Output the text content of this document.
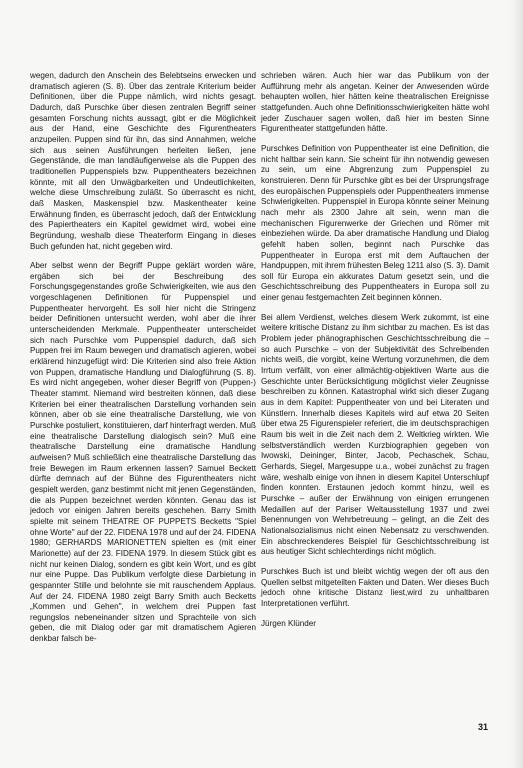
wegen, dadurch den Anschein des Belebtseins erwecken und dramatisch agieren (S. 8). Über das zentrale Kriterium beider Definitionen, über die Puppe nämlich, wird nichts gesagt. Dadurch, daß Purschke über diesen zentralen Begriff seiner gesamten Forschung nichts aussagt, gibt er die Möglichkeit aus der Hand, eine Geschichte des Figurentheaters anzupeilen. Puppen sind für ihn, das sind Annahmen, welche sich aus seinen Ausführungen herleiten ließen, jene Gegenstände, die man landläufigerweise als die Puppen des traditionellen Puppenspiels bzw. Puppentheaters bezeichnen könnte, mit all den Unwägbarkeiten und Undeutlichkeiten, welche diese Umschreibung zuläßt. So überrascht es nicht, daß Masken, Maskenspiel bzw. Maskentheater keine Erwähnung finden, es überrascht jedoch, daß der Entwicklung des Papiertheaters ein Kapitel gewidmet wird, wobei eine Begründung, weshalb diese Theaterform Eingang in dieses Buch gefunden hat, nicht gegeben wird.

Aber selbst wenn der Begriff Puppe geklärt worden wäre, ergäben sich bei der Beschreibung des Forschungsgegenstandes große Schwierigkeiten, wie aus den vorgeschlagenen Definitionen für Puppenspiel und Puppentheater hervorgeht. Es soll hier nicht die Stringenz beider Definitionen untersucht werden, wohl aber die ihrer unterscheidenden Merkmale. Puppentheater unterscheidet sich nach Purschke vom Puppenspiel dadurch, daß sich Puppen frei im Raum bewegen und dramatisch agieren, wobei erklärend hinzugefügt wird: Die Kriterien sind also freie Aktion von Puppen, dramatische Handlung und Dialogführung (S. 8). Es wird nicht angegeben, woher dieser Begriff von (Puppen-) Theater stammt. Niemand wird bestreiten können, daß diese Kriterien bei einer theatralischen Darstellung vorhanden sein können, aber ob sie eine theatralische Darstellung, wie von Purschke postuliert, konstituieren, darf hinterfragt werden. Muß eine theatralische Darstellung dialogisch sein? Muß eine theatralische Darstellung eine dramatische Handlung aufweisen? Muß schließlich eine theatralische Darstellung das freie Bewegen im Raum erkennen lassen? Samuel Beckett dürfte demnach auf der Bühne des Figurentheaters nicht gespielt werden, ganz bestimmt nicht mit jenen Gegenständen, die als Puppen bezeichnet werden könnten. Genau das ist jedoch vor einigen Jahren bereits geschehen. Barry Smith spielte mit seinem THEATRE OF PUPPETS Becketts "Spiel ohne Worte" auf der 22. FIDENA 1978 und auf der 24. FIDENA 1980; GERHARDS MARIONETTEN spielten es (mit einer Marionette) auf der 23. FIDENA 1979. In diesem Stück gibt es nicht nur keinen Dialog, sondern es gibt kein Wort, und es gibt nur eine Puppe. Das Publikum verfolgte diese Darbietung in gespannter Stille und belohnte sie mit rauschendem Applaus. Auf der 24. FIDENA 1980 zeigt Barry Smith auch Becketts „Kommen und Gehen", in welchem drei Puppen fast regungslos nebeneinander sitzen und Sprachteile von sich geben, die mit Dialog oder gar mit dramatischem Agieren denkbar falsch be-

schrieben wären. Auch hier war das Publikum von der Aufführung mehr als angetan. Keiner der Anwesenden würde behaupten wollen, hier hätten keine theatralischen Ereignisse stattgefunden. Auch ohne Definitionsschwierigkeiten hätte wohl jeder Zuschauer sagen wollen, daß hier im besten Sinne Figurentheater stattgefunden hätte.

Purschkes Definition von Puppentheater ist eine Definition, die nicht haltbar sein kann. Sie scheint für ihn notwendig gewesen zu sein, um eine Abgrenzung zum Puppenspiel zu konstruieren. Denn für Purschke gibt es bei der Ursprungsfrage des europäischen Puppenspiels oder Puppentheaters immense Schwierigkeiten. Puppenspiel in Europa könnte seiner Meinung nach mehr als 2300 Jahre alt sein, wenn man die mechanischen Figurenwerke der Griechen und Römer mit einbeziehen würde. Da aber dramatische Handlung und Dialog gefehlt haben sollen, beginnt nach Purschke das Puppentheater in Europa erst mit dem Auftauchen der Handpuppen, mit ihrem frühesten Beleg 1211 also (S. 3). Damit soll für Europa ein akkurates Datum gesetzt sein, und die Geschichtsschreibung des Puppentheaters in Europa soll zu einer genau festgemachten Zeit beginnen können.

Bei allem Verdienst, welches diesem Werk zukommt, ist eine weitere kritische Distanz zu ihm sichtbar zu machen. Es ist das Problem jeder phänographischen Geschichtsschreibung die – so auch Purschke – von der Subjektivität des Schreibenden nichts weiß, die vorgibt, keine Wertung vorzunehmen, die dem Irrtum verfällt, von einer allmächtig-objektiven Warte aus die Geschichte unter Berücksichtigung möglichst vieler Zeugnisse beschreiben zu können. Katastrophal wirkt sich dieser Zugang aus in dem Kapitel: Puppentheater von und bei Literaten und Künstlern. Innerhalb dieses Kapitels wird auf etwa 20 Seiten über etwa 25 Figurenspieler referiert, die im deutschsprachigen Raum bis weit in die Zeit nach dem 2. Weltkrieg wirkten. Wie selbstverständlich werden Kurzbiographien gegeben von Iwowski, Deininger, Binter, Jacob, Pechaschek, Schau, Gerhards, Siegel, Margesuppe u.a., wobei zunächst zu fragen wäre, weshalb einige von ihnen in diesem Kapitel Unterschlupf finden konnten. Erstaunen jedoch kommt hinzu, weil es Purschke – außer der Erwähnung von einigen errungenen Medaillen auf der Pariser Weltausstellung 1937 und zwei Benennungen von Wehrbetreuung – gelingt, an die Zeit des Nationalsozialismus nicht einen Nebensatz zu verschwenden. Ein abschreckenderes Beispiel für Geschichtsschreibung ist aus heutiger Sicht schlechterdings nicht möglich.

Purschkes Buch ist und bleibt wichtig wegen der oft aus den Quellen selbst mitgeteilten Fakten und Daten. Wer dieses Buch jedoch ohne kritische Distanz liest,wird zu unhaltbaren Interpretationen verführt.

Jürgen Klünder

31
